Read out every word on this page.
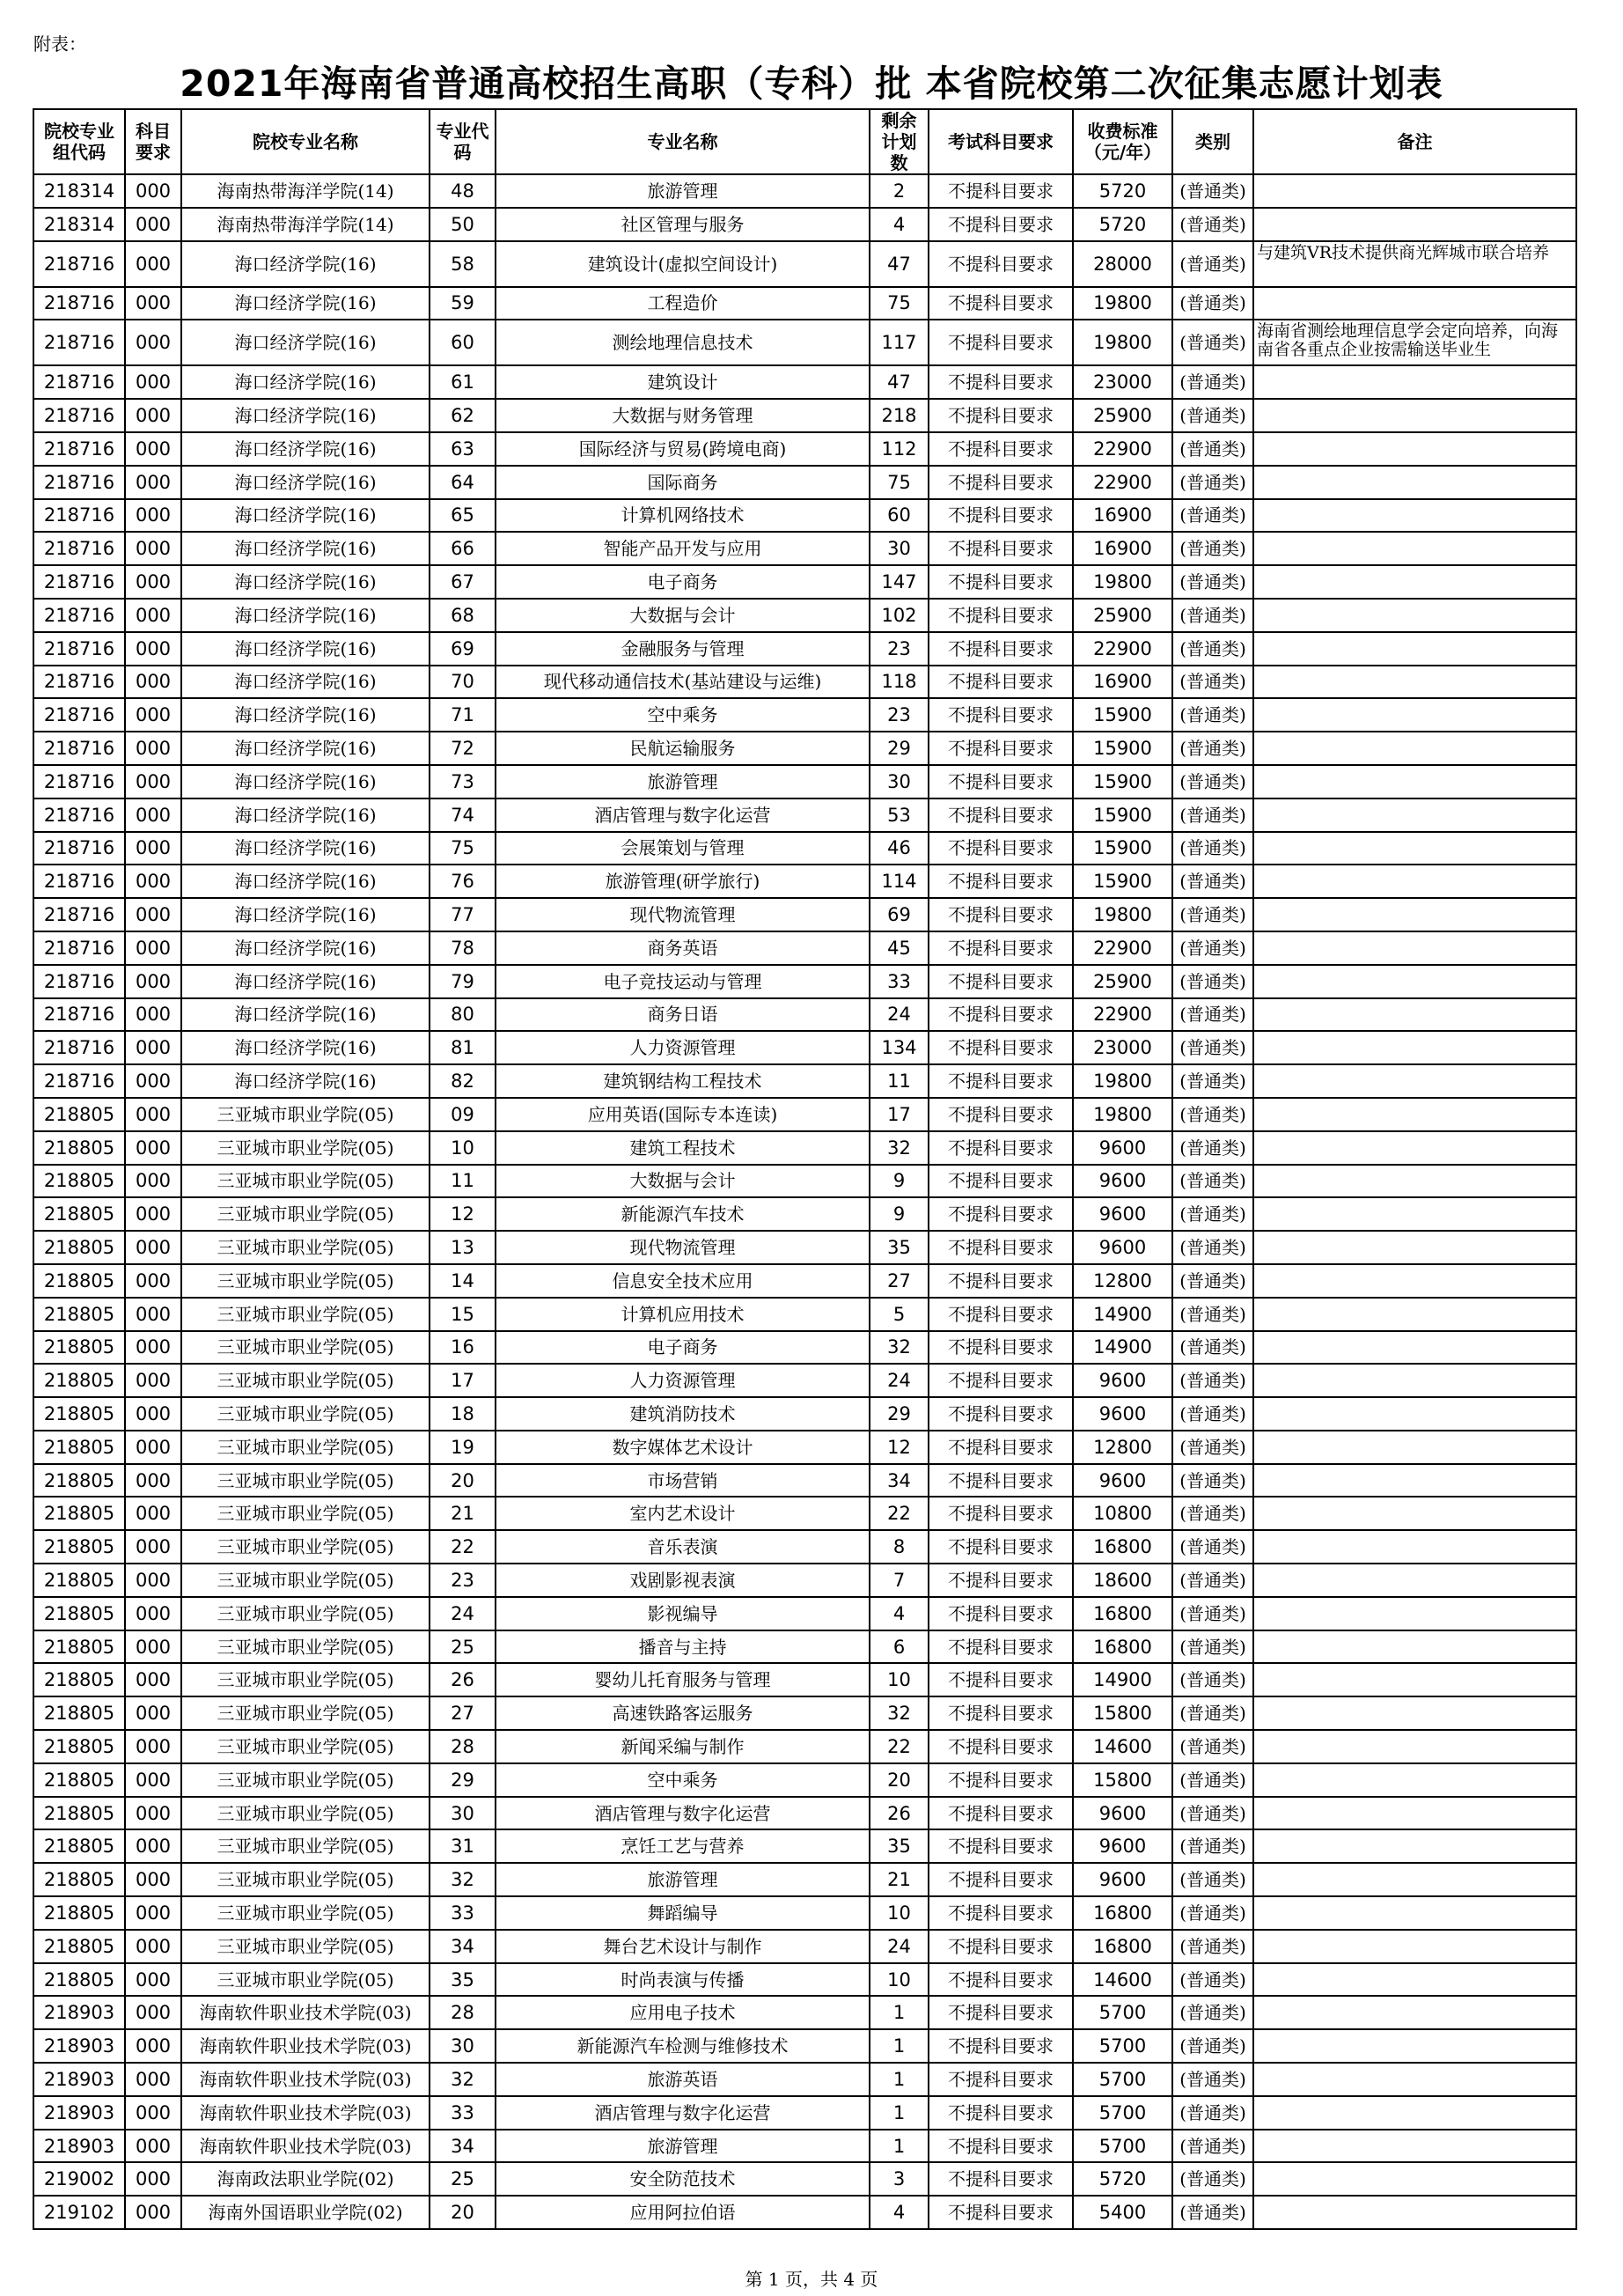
附表：
2021年海南省普通高校招生高职（专科）批 本省院校第二次征集志愿计划表
院校专业组代码	科目要求	院校专业名称	专业代码	专业名称	剩余计划数	考试科目要求	收费标准（元/年）	类别	备注
218314	000	海南热带海洋学院(14)	48	旅游管理	2	不提科目要求	5720	(普通类)	
218314	000	海南热带海洋学院(14)	50	社区管理与服务	4	不提科目要求	5720	(普通类)	
218716	000	海口经济学院(16)	58	建筑设计(虚拟空间设计)	47	不提科目要求	28000	(普通类)	与建筑VR技术提供商光辉城市联合培养
218716	000	海口经济学院(16)	59	工程造价	75	不提科目要求	19800	(普通类)	
218716	000	海口经济学院(16)	60	测绘地理信息技术	117	不提科目要求	19800	(普通类)	海南省测绘地理信息学会定向培养，向海南省各重点企业按需输送毕业生
218716	000	海口经济学院(16)	61	建筑设计	47	不提科目要求	23000	(普通类)	
218716	000	海口经济学院(16)	62	大数据与财务管理	218	不提科目要求	25900	(普通类)	
218716	000	海口经济学院(16)	63	国际经济与贸易(跨境电商)	112	不提科目要求	22900	(普通类)	
218716	000	海口经济学院(16)	64	国际商务	75	不提科目要求	22900	(普通类)	
218716	000	海口经济学院(16)	65	计算机网络技术	60	不提科目要求	16900	(普通类)	
218716	000	海口经济学院(16)	66	智能产品开发与应用	30	不提科目要求	16900	(普通类)	
218716	000	海口经济学院(16)	67	电子商务	147	不提科目要求	19800	(普通类)	
218716	000	海口经济学院(16)	68	大数据与会计	102	不提科目要求	25900	(普通类)	
218716	000	海口经济学院(16)	69	金融服务与管理	23	不提科目要求	22900	(普通类)	
218716	000	海口经济学院(16)	70	现代移动通信技术(基站建设与运维)	118	不提科目要求	16900	(普通类)	
218716	000	海口经济学院(16)	71	空中乘务	23	不提科目要求	15900	(普通类)	
218716	000	海口经济学院(16)	72	民航运输服务	29	不提科目要求	15900	(普通类)	
218716	000	海口经济学院(16)	73	旅游管理	30	不提科目要求	15900	(普通类)	
218716	000	海口经济学院(16)	74	酒店管理与数字化运营	53	不提科目要求	15900	(普通类)	
218716	000	海口经济学院(16)	75	会展策划与管理	46	不提科目要求	15900	(普通类)	
218716	000	海口经济学院(16)	76	旅游管理(研学旅行)	114	不提科目要求	15900	(普通类)	
218716	000	海口经济学院(16)	77	现代物流管理	69	不提科目要求	19800	(普通类)	
218716	000	海口经济学院(16)	78	商务英语	45	不提科目要求	22900	(普通类)	
218716	000	海口经济学院(16)	79	电子竞技运动与管理	33	不提科目要求	25900	(普通类)	
218716	000	海口经济学院(16)	80	商务日语	24	不提科目要求	22900	(普通类)	
218716	000	海口经济学院(16)	81	人力资源管理	134	不提科目要求	23000	(普通类)	
218716	000	海口经济学院(16)	82	建筑钢结构工程技术	11	不提科目要求	19800	(普通类)	
218805	000	三亚城市职业学院(05)	09	应用英语(国际专本连读)	17	不提科目要求	19800	(普通类)	
218805	000	三亚城市职业学院(05)	10	建筑工程技术	32	不提科目要求	9600	(普通类)	
218805	000	三亚城市职业学院(05)	11	大数据与会计	9	不提科目要求	9600	(普通类)	
218805	000	三亚城市职业学院(05)	12	新能源汽车技术	9	不提科目要求	9600	(普通类)	
218805	000	三亚城市职业学院(05)	13	现代物流管理	35	不提科目要求	9600	(普通类)	
218805	000	三亚城市职业学院(05)	14	信息安全技术应用	27	不提科目要求	12800	(普通类)	
218805	000	三亚城市职业学院(05)	15	计算机应用技术	5	不提科目要求	14900	(普通类)	
218805	000	三亚城市职业学院(05)	16	电子商务	32	不提科目要求	14900	(普通类)	
218805	000	三亚城市职业学院(05)	17	人力资源管理	24	不提科目要求	9600	(普通类)	
218805	000	三亚城市职业学院(05)	18	建筑消防技术	29	不提科目要求	9600	(普通类)	
218805	000	三亚城市职业学院(05)	19	数字媒体艺术设计	12	不提科目要求	12800	(普通类)	
218805	000	三亚城市职业学院(05)	20	市场营销	34	不提科目要求	9600	(普通类)	
218805	000	三亚城市职业学院(05)	21	室内艺术设计	22	不提科目要求	10800	(普通类)	
218805	000	三亚城市职业学院(05)	22	音乐表演	8	不提科目要求	16800	(普通类)	
218805	000	三亚城市职业学院(05)	23	戏剧影视表演	7	不提科目要求	18600	(普通类)	
218805	000	三亚城市职业学院(05)	24	影视编导	4	不提科目要求	16800	(普通类)	
218805	000	三亚城市职业学院(05)	25	播音与主持	6	不提科目要求	16800	(普通类)	
218805	000	三亚城市职业学院(05)	26	婴幼儿托育服务与管理	10	不提科目要求	14900	(普通类)	
218805	000	三亚城市职业学院(05)	27	高速铁路客运服务	32	不提科目要求	15800	(普通类)	
218805	000	三亚城市职业学院(05)	28	新闻采编与制作	22	不提科目要求	14600	(普通类)	
218805	000	三亚城市职业学院(05)	29	空中乘务	20	不提科目要求	15800	(普通类)	
218805	000	三亚城市职业学院(05)	30	酒店管理与数字化运营	26	不提科目要求	9600	(普通类)	
218805	000	三亚城市职业学院(05)	31	烹饪工艺与营养	35	不提科目要求	9600	(普通类)	
218805	000	三亚城市职业学院(05)	32	旅游管理	21	不提科目要求	9600	(普通类)	
218805	000	三亚城市职业学院(05)	33	舞蹈编导	10	不提科目要求	16800	(普通类)	
218805	000	三亚城市职业学院(05)	34	舞台艺术设计与制作	24	不提科目要求	16800	(普通类)	
218805	000	三亚城市职业学院(05)	35	时尚表演与传播	10	不提科目要求	14600	(普通类)	
218903	000	海南软件职业技术学院(03)	28	应用电子技术	1	不提科目要求	5700	(普通类)	
218903	000	海南软件职业技术学院(03)	30	新能源汽车检测与维修技术	1	不提科目要求	5700	(普通类)	
218903	000	海南软件职业技术学院(03)	32	旅游英语	1	不提科目要求	5700	(普通类)	
218903	000	海南软件职业技术学院(03)	33	酒店管理与数字化运营	1	不提科目要求	5700	(普通类)	
218903	000	海南软件职业技术学院(03)	34	旅游管理	1	不提科目要求	5700	(普通类)	
219002	000	海南政法职业学院(02)	25	安全防范技术	3	不提科目要求	5720	(普通类)	
219102	000	海南外国语职业学院(02)	20	应用阿拉伯语	4	不提科目要求	5400	(普通类)	
第 1 页，共 4 页
